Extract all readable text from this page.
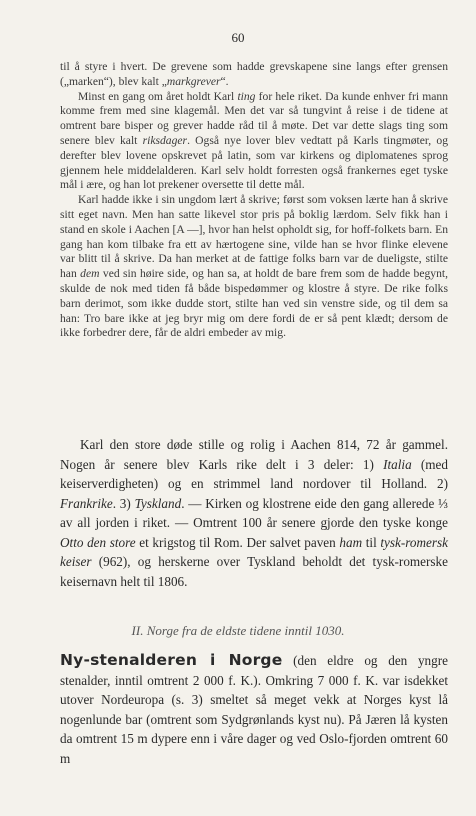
60

til å styre i hvert. De grevene som hadde grevskapene sine langs efter grensen („marken“), blev kalt „markgrever“.

Minst en gang om året holdt Karl ting for hele riket. Da kunde enhver fri mann komme frem med sine klagemål. Men det var så tungvint å reise i de tidene at omtrent bare bisper og grever hadde råd til å møte. Det var dette slags ting som senere blev kalt riksdager. Også nye lover blev vedtatt på Karls tingmøter, og derefter blev lovene opskrevet på latin, som var kirkens og diplomatenes sprog gjennem hele middelalderen. Karl selv holdt forresten også frankernes eget tyske mål i ære, og han lot prekener oversette til dette mål.

Karl hadde ikke i sin ungdom lært å skrive; først som voksen lærte han å skrive sitt eget navn. Men han satte likevel stor pris på boklig lærdom. Selv fikk han i stand en skole i Aachen [A —], hvor han helst opholdt sig, for hoff-folkets barn. En gang han kom tilbake fra ett av hærtogene sine, vilde han se hvor flinke elevene var blitt til å skrive. Da han merket at de fattige folks barn var de dueligste, stilte han dem ved sin høire side, og han sa, at holdt de bare frem som de hadde begynt, skulde de nok med tiden få både bispedømmer og klostre å styre. De rike folks barn derimot, som ikke dudde stort, stilte han ved sin venstre side, og til dem sa han: Tro bare ikke at jeg bryr mig om dere fordi de er så pent klædt; dersom de ikke forbedrer dere, får de aldri embeder av mig.

Karl den store døde stille og rolig i Aachen 814, 72 år gammel. Nogen år senere blev Karls rike delt i 3 deler: 1) Italia (med keiserverdigheten) og en strimmel land nordover til Holland. 2) Frankrike. 3) Tyskland. — Kirken og klostrene eide den gang allerede ⅓ av all jorden i riket. — Omtrent 100 år senere gjorde den tyske konge Otto den store et krigstog til Rom. Der salvet paven ham til tysk-romersk keiser (962), og herskerne over Tyskland beholdt det tysk-romerske keisernavn helt til 1806.

II. Norge fra de eldste tidene inntil 1030.

Ny-stenalderen i Norge (den eldre og den yngre stenalder, inntil omtrent 2 000 f. K.). Omkring 7 000 f. K. var isdekket utover Nordeuropa (s. 3) smeltet så meget vekk at Norges kyst lå nogenlunde bar (omtrent som Sydgrønlands kyst nu). På Jæren lå kysten da omtrent 15 m dypere enn i våre dager og ved Oslo-fjorden omtrent 60 m
